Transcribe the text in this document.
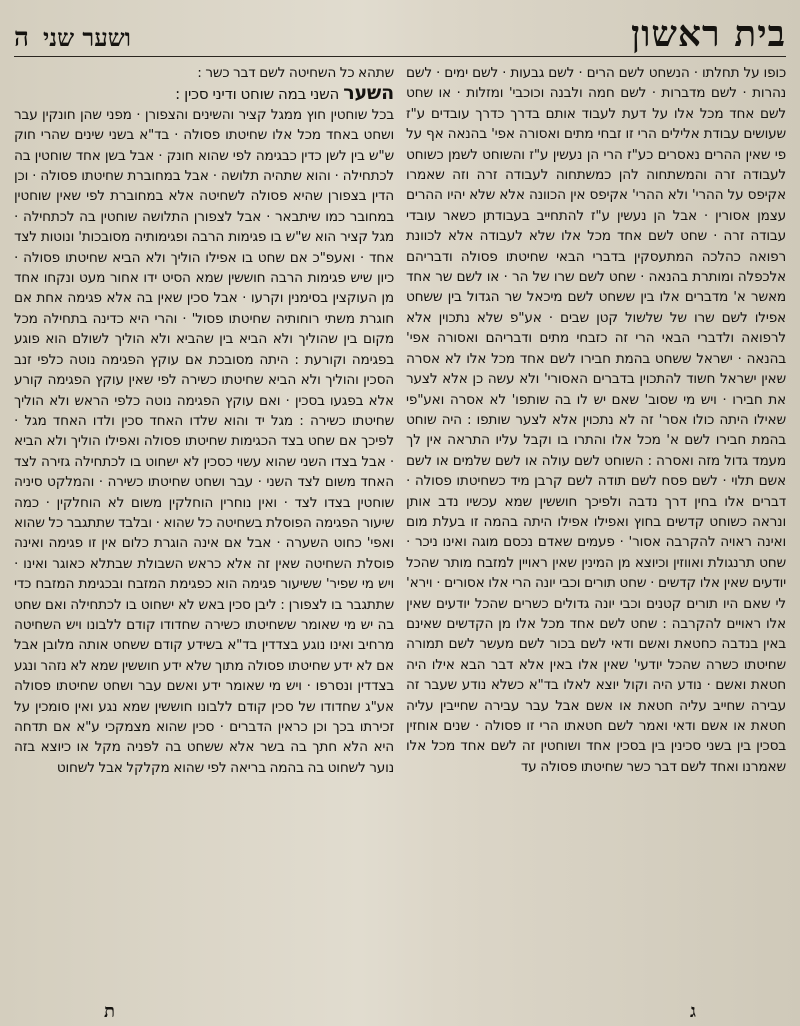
בית ראשון
ושער שני
ה

כופו על תחלתו · הנשחט לשם הרים · לשם גבעות · לשם ימים · לשם נהרות · לשם מדברות · לשם חמה ולבנה וכוכבי' ומזלות · או שחט לשם אחד מכל אלו על דעת לעבוד אותם בדרך כדרך עובדים ע"ז שעושים עבודת אלילים הרי זו זבחי מתים ואסורה אפי' בהנאה אף על פי שאין ההרים נאסרים כע"ז הרי הן נעשין ע"ז והשוחט לשמן כשוחט לעבודה זרה והמשתחוה להן כמשתחוה לעבודה זרה וזה שאמרו אקיפס על ההרי' ולא ההרי' אקיפס אין הכוונה אלא שלא יהיו ההרים עצמן אסורין · אבל הן נעשין ע"ז להתחייב בעבודתן כשאר עובדי עבודה זרה · שחט לשם אחד מכל אלו שלא לעבודה אלא לכוונת רפואה כהלכה המתעסקין בדברי הבאי שחיטתו פסולה ודבריהם אלכפלה ומותרת בהנאה · שחט לשם שרו של הר · או לשם שר אחד מאשר א' מדברים אלו בין ששחט לשם מיכאל שר הגדול בין ששחט אפילו לשם שרו של שלשול קטן שבים · אע"פ שלא נתכוין אלא לרפואה ולדברי הבאי הרי זה כזבחי מתים ודבריהם ואסורה אפי' בהנאה · ישראל ששחט בהמת חבירו לשם אחד מכל אלו לא אסרה שאין ישראל חשוד להתכוין בדברים האסורי' ולא עשה כן אלא לצער את חבירו · ויש מי שסוב' שאם יש לו בה שותפו' לא אסרה ואע"פי שאילו היתה כולו אסר' זה לא נתכוין אלא לצער שותפו : היה שוחט בהמת חבירו לשם א' מכל אלו והתרו בו וקבל עליו התראה אין לך מעמד גדול מזה ואסרה : השוחט לשם עולה או לשם שלמים או לשם אשם תלוי · לשם פסח לשם תודה לשם קרבן מיד כשחיטתו פסולה · דברים אלו בחין דרך נדבה ולפיכך חוששין שמא עכשיו נדב אותן ונראה כשוחט קדשים בחוץ ואפילו אפילו היתה בהמה זו בעלת מום ואינה ראויה להקרבה אסור' · פעמים שאדם נכסם מוגה ואינו ניכר · שחט תרנגולת ואווזין וכיוצא מן המינין שאין ראויין למזבח מותר שהכל יודעים שאין אלו קדשים · שחט תורים וכבי יונה הרי אלו אסורים · וירא' לי שאם היו תורים קטנים וכבי יונה גדולים כשרים שהכל יודעים שאין אלו ראויים להקרבה : שחט לשם אחד מכל אלו מן הקדשים שאינם באין בנדבה כחטאת ואשם ודאי לשם בכור לשם מעשר לשם תמורה שחיטתו כשרה שהכל יודעי' שאין אלו באין אלא דבר הבא אילו היה חטאת ואשם · נודע היה וקול יוצא לאלו בד"א כשלא נודע שעבר זה עבירה שחייב עליה חטאת או אשם אבל עבר עבירה שחייבין עליה חטאת או אשם ודאי ואמר לשם חטאתו הרי זו פסולה · שנים אוחזין בסכין בין בשני סכינין בין בסכין אחד ושוחטין זה לשם אחד מכל אלו שאמרנו ואחד לשם דבר כשר שחיטתו פסולה עד

שתהא כל השחיטה לשם דבר כשר :

השער השני במה שוחט ודיני סכין :

בכל שוחטין חוץ ממגל קציר והשינים והצפורן · מפני שהן חונקין עבר ושחט באחד מכל אלו שחיטתו פסולה · בד"א בשני שינים שהרי חוק ש"ש בין לשן כדין כבגימה לפי שהוא חונק · אבל בשן אחד שוחטין בה לכתחילה · והוא שתהיה תלושה · אבל במחוברת שחיטתו פסולה · וכן הדין בצפורן שהיא פסולה לשחיטה אלא במחוברת לפי שאין שוחטין במחובר כמו שיתבאר · אבל לצפורן התלושה שוחטין בה לכתחילה · מגל קציר הוא ש"ש בו פגימות הרבה ופגימותיה מסובכות' ונוטות לצד אחד · ואעפ"כ אם שחט בו אפילו הוליך ולא הביא שחיטתו פסולה · כיון שיש פגימות הרבה חוששין שמא הסיט ידו אחור מעט ונקחו אחד מן העוקצין בסימנין וקרעו · אבל סכין שאין בה אלא פגימה אחת אם חוגרת משתי רוחותיה שחיטתו פסול' · והרי היא כדינה בתחילה מכל מקום בין שהוליך ולא הביא בין שהביא ולא הוליך לשולם הוא פוגע בפגימה וקורעת : היתה מסובכת אם עוקץ הפגימה נוטה כלפי זנב הסכין והוליך ולא הביא שחיטתו כשירה לפי שאין עוקץ הפגימה קורע אלא בפגעו בסכין · ואם עוקץ הפגימה נוטה כלפי הראש ולא הוליך שחיטתו כשירה : מגל יד והוא שלדו האחד סכין ולדו האחד מגל · לפיכך אם שחט בצד הכגימות שחיטתו פסולה ואפילו הוליך ולא הביא · אבל בצדו השני שהוא עשוי כסכין לא ישחוט בו לכתחילה גזירה לצד האחד משום לצד השני · עבר ושחט שחיטתו כשירה · והמלקט סיניה שוחטין בצדו לצד · ואין נוחרין הוחלקין משום לא הוחלקין · כמה שיעור הפגימה הפוסלת בשחיטה כל שהוא · ובלבד שתתגבר כל שהוא ואפי' כחוט השערה · אבל אם אינה הוגרת כלום אין זו פגימה ואינה פוסלת השחיטה שאין זה אלא כראש השבולת שבתלא כאוגר ואינו · ויש מי שפיר' ששיעור פגימה הוא כפגימת המזבח ובכגימת המזבח כדי שתתגבר בו לצפורן : ליבן סכין באש לא ישחוט בו לכתחילה ואם שחט בה יש מי שאומר ששחיטתו כשירה שחדודו קודם ללבונו ויש השחיטה מרחיב ואינו נוגע בצדדין בד"א בשידע קודם ששחט אותה מלובן אבל אם לא ידע שחיטתו פסולה מתוך שלא ידע חוששין שמא לא נזהר ונגע בצדדין ונסרפו · ויש מי שאומר ידע ואשם עבר ושחט שחיטתו פסולה אע"ג שחדודו של סכין קודם ללבונו חוששין שמא נגע ואין סומכין על זכירתו בכך וכן כראין הדברים · סכין שהוא מצמקכי ע"א אם תדחה היא הלא חתך בה בשר אלא ששחט בה לפניה מקל או כיוצא בזה נוער לשחוט בה בהמה בריאה לפי שהוא מקלקל אבל לשחוט

ג
ת
